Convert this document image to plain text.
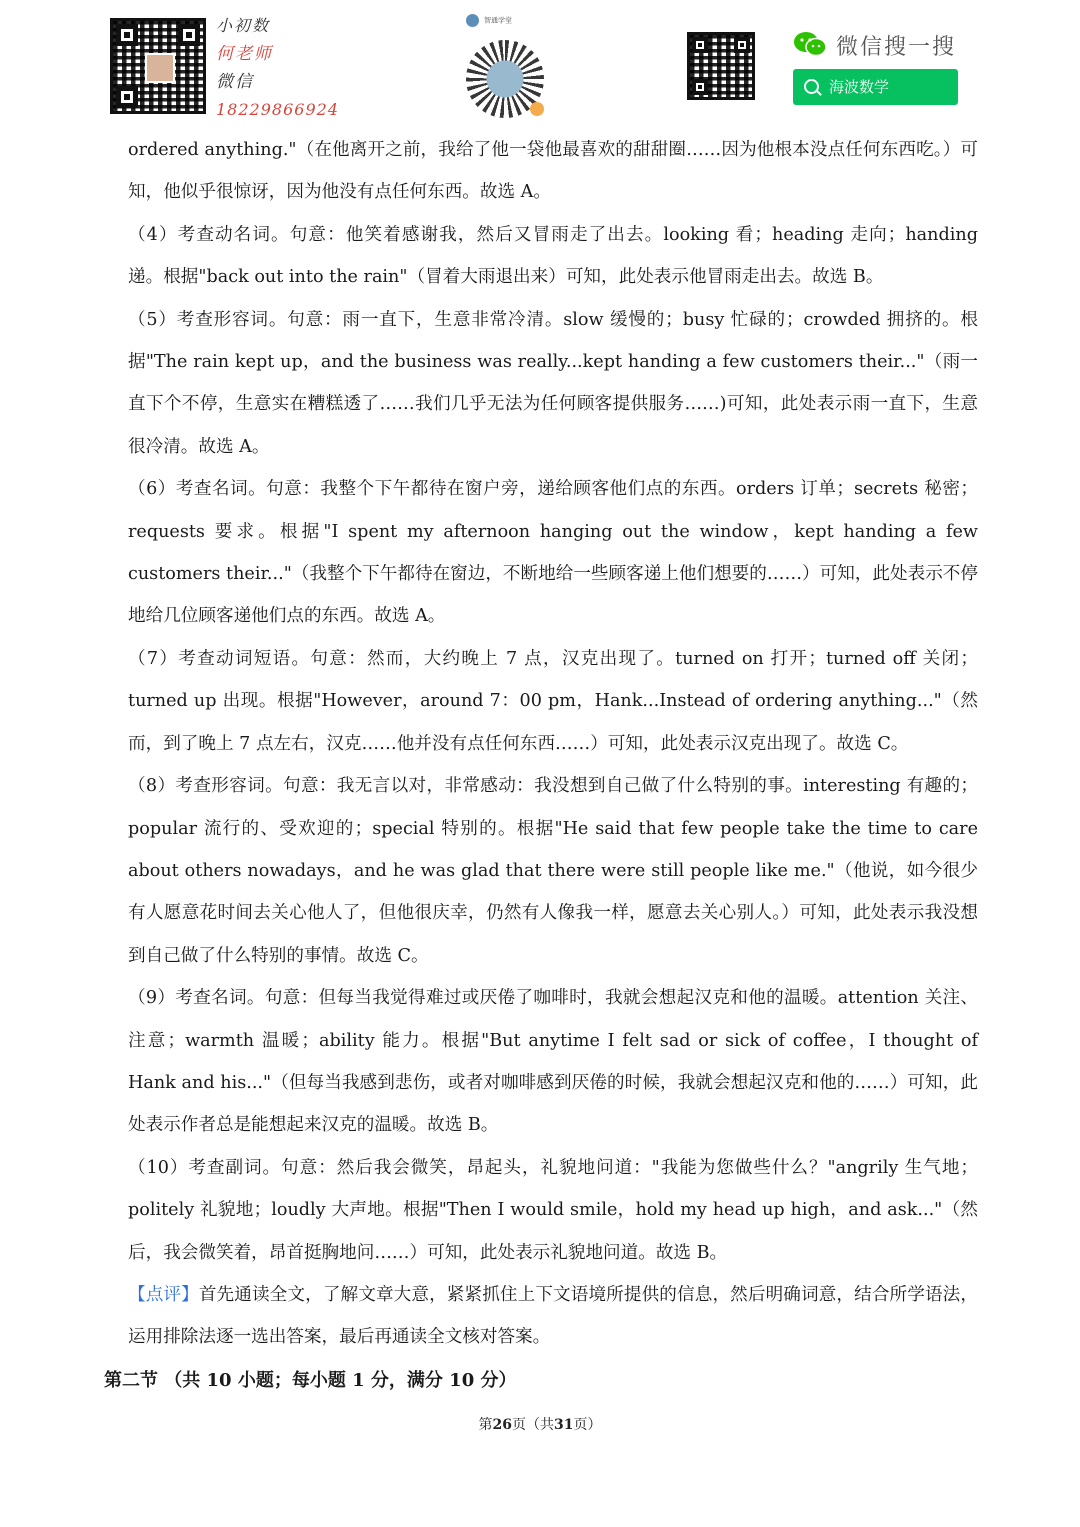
小初数
何老师
微信
18229866924
智通学堂
微信搜一搜
海波数学

ordered anything."（在他离开之前，我给了他一袋他最喜欢的甜甜圈……因为他根本没点任何东西吃。）可知，他似乎很惊讶，因为他没有点任何东西。故选 A。

（4）考查动名词。句意：他笑着感谢我，然后又冒雨走了出去。looking 看；heading 走向；handing 递。根据"back out into the rain"（冒着大雨退出来）可知，此处表示他冒雨走出去。故选 B。

（5）考查形容词。句意：雨一直下，生意非常冷清。slow 缓慢的；busy 忙碌的；crowded 拥挤的。根据"The rain kept up，and the business was really...kept handing a few customers their..."（雨一直下个不停，生意实在糟糕透了……我们几乎无法为任何顾客提供服务……)可知，此处表示雨一直下，生意很冷清。故选 A。

（6）考查名词。句意：我整个下午都待在窗户旁，递给顾客他们点的东西。orders 订单；secrets 秘密；requests 要求。根据"I spent my afternoon hanging out the window，kept handing a few customers their..."（我整个下午都待在窗边，不断地给一些顾客递上他们想要的……）可知，此处表示不停地给几位顾客递他们点的东西。故选 A。

（7）考查动词短语。句意：然而，大约晚上 7 点，汉克出现了。turned on 打开；turned off 关闭；turned up 出现。根据"However，around 7：00 pm，Hank...Instead of ordering anything..."（然而，到了晚上 7 点左右，汉克……他并没有点任何东西……）可知，此处表示汉克出现了。故选 C。

（8）考查形容词。句意：我无言以对，非常感动：我没想到自己做了什么特别的事。interesting 有趣的；popular 流行的、受欢迎的；special 特别的。根据"He said that few people take the time to care about others nowadays，and he was glad that there were still people like me."（他说，如今很少有人愿意花时间去关心他人了，但他很庆幸，仍然有人像我一样，愿意去关心别人。）可知，此处表示我没想到自己做了什么特别的事情。故选 C。

（9）考查名词。句意：但每当我觉得难过或厌倦了咖啡时，我就会想起汉克和他的温暖。attention 关注、注意；warmth 温暖；ability 能力。根据"But anytime I felt sad or sick of coffee，I thought of Hank and his..."（但每当我感到悲伤，或者对咖啡感到厌倦的时候，我就会想起汉克和他的……）可知，此处表示作者总是能想起来汉克的温暖。故选 B。

（10）考查副词。句意：然后我会微笑，昂起头，礼貌地问道："我能为您做些什么？"angrily 生气地；politely 礼貌地；loudly 大声地。根据"Then I would smile，hold my head up high，and ask..."（然后，我会微笑着，昂首挺胸地问……）可知，此处表示礼貌地问道。故选 B。

【点评】首先通读全文，了解文章大意，紧紧抓住上下文语境所提供的信息，然后明确词意，结合所学语法，运用排除法逐一选出答案，最后再通读全文核对答案。

第二节 （共 10 小题；每小题 1 分，满分 10 分）
第26页（共31页）
